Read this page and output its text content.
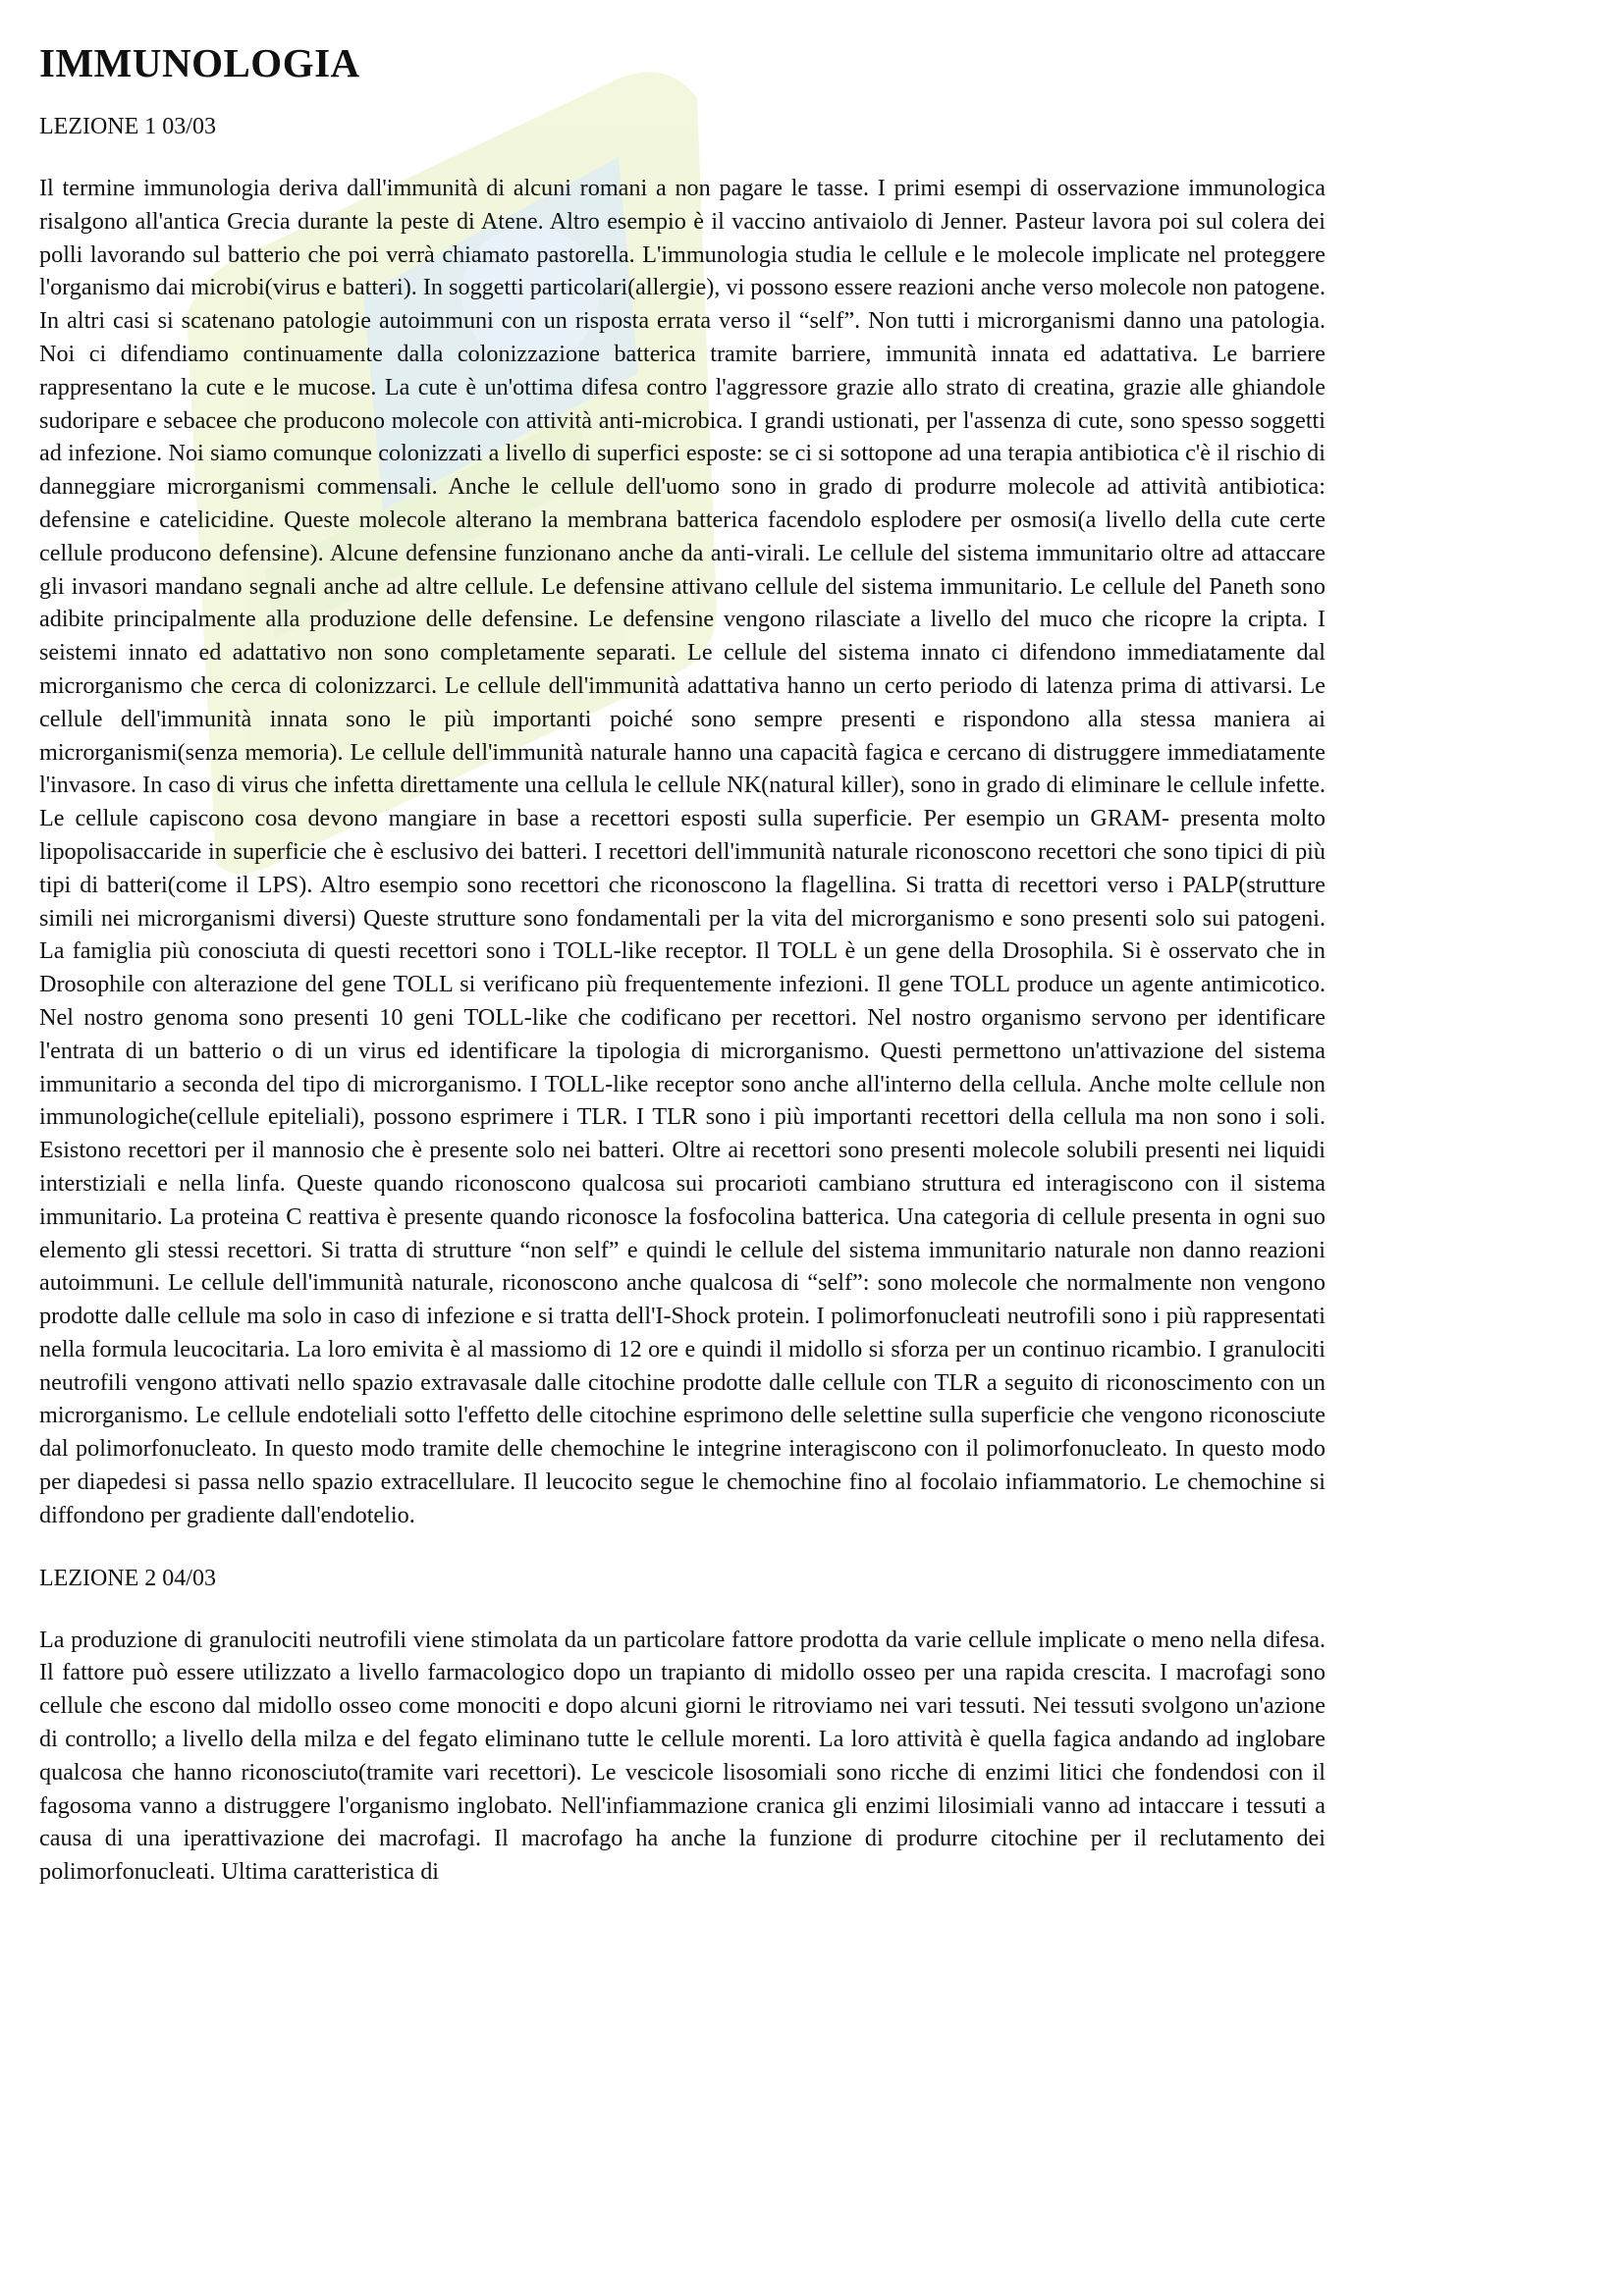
IMMUNOLOGIA

LEZIONE 1 03/03

Il termine immunologia deriva dall'immunità di alcuni romani a non pagare le tasse. I primi esempi di osservazione immunologica risalgono all'antica Grecia durante la peste di Atene. Altro esempio è il vaccino antivaiolo di Jenner. Pasteur lavora poi sul colera dei polli lavorando sul batterio che poi verrà chiamato pastorella. L'immunologia studia le cellule e le molecole implicate nel proteggere l'organismo dai microbi(virus e batteri). In soggetti particolari(allergie), vi possono essere reazioni anche verso molecole non patogene. In altri casi si scatenano patologie autoimmuni con un risposta errata verso il “self”. Non tutti i microrganismi danno una patologia. Noi ci difendiamo continuamente dalla colonizzazione batterica tramite barriere, immunità innata ed adattativa. Le barriere rappresentano la cute e le mucose. La cute è un'ottima difesa contro l'aggressore grazie allo strato di creatina, grazie alle ghiandole sudoripare e sebacee che producono molecole con attività anti-microbica. I grandi ustionati, per l'assenza di cute, sono spesso soggetti ad infezione. Noi siamo comunque colonizzati a livello di superfici esposte: se ci si sottopone ad una terapia antibiotica c'è il rischio di danneggiare microrganismi commensali. Anche le cellule dell'uomo sono in grado di produrre molecole ad attività antibiotica: defensine e catelicidine. Queste molecole alterano la membrana batterica facendolo esplodere per osmosi(a livello della cute certe cellule producono defensine). Alcune defensine funzionano anche da anti-virali. Le cellule del sistema immunitario oltre ad attaccare gli invasori mandano segnali anche ad altre cellule. Le defensine attivano cellule del sistema immunitario. Le cellule del Paneth sono adibite principalmente alla produzione delle defensine. Le defensine vengono rilasciate a livello del muco che ricopre la cripta. I seistemi innato ed adattativo non sono completamente separati. Le cellule del sistema innato ci difendono immediatamente dal microrganismo che cerca di colonizzarci. Le cellule dell'immunità adattativa hanno un certo periodo di latenza prima di attivarsi. Le cellule dell'immunità innata sono le più importanti poiché sono sempre presenti e rispondono alla stessa maniera ai microrganismi(senza memoria). Le cellule dell'immunità naturale hanno una capacità fagica e cercano di distruggere immediatamente l'invasore. In caso di virus che infetta direttamente una cellula le cellule NK(natural killer), sono in grado di eliminare le cellule infette. Le cellule capiscono cosa devono mangiare in base a recettori esposti sulla superficie. Per esempio un GRAM- presenta molto lipopolisaccaride in superficie che è esclusivo dei batteri. I recettori dell'immunità naturale riconoscono recettori che sono tipici di più tipi di batteri(come il LPS). Altro esempio sono recettori che riconoscono la flagellina. Si tratta di recettori verso i PALP(strutture simili nei microrganismi diversi) Queste strutture sono fondamentali per la vita del microrganismo e sono presenti solo sui patogeni. La famiglia più conosciuta di questi recettori sono i TOLL-like receptor. Il TOLL è un gene della Drosophila. Si è osservato che in Drosophile con alterazione del gene TOLL si verificano più frequentemente infezioni. Il gene TOLL produce un agente antimicotico. Nel nostro genoma sono presenti 10 geni TOLL-like che codificano per recettori. Nel nostro organismo servono per identificare l'entrata di un batterio o di un virus ed identificare la tipologia di microrganismo. Questi permettono un'attivazione del sistema immunitario a seconda del tipo di microrganismo. I TOLL-like receptor sono anche all'interno della cellula. Anche molte cellule non immunologiche(cellule epiteliali), possono esprimere i TLR. I TLR sono i più importanti recettori della cellula ma non sono i soli. Esistono recettori per il mannosio che è presente solo nei batteri. Oltre ai recettori sono presenti molecole solubili presenti nei liquidi interstiziali e nella linfa. Queste quando riconoscono qualcosa sui procarioti cambiano struttura ed interagiscono con il sistema immunitario. La proteina C reattiva è presente quando riconosce la fosfocolina batterica. Una categoria di cellule presenta in ogni suo elemento gli stessi recettori. Si tratta di strutture “non self” e quindi le cellule del sistema immunitario naturale non danno reazioni autoimmuni. Le cellule dell'immunità naturale, riconoscono anche qualcosa di “self”: sono molecole che normalmente non vengono prodotte dalle cellule ma solo in caso di infezione e si tratta dell'I-Shock protein. I polimorfonucleati neutrofili sono i più rappresentati nella formula leucocitaria. La loro emivita è al massiomo di 12 ore e quindi il midollo si sforza per un continuo ricambio. I granulociti neutrofili vengono attivati nello spazio extravasale dalle citochine prodotte dalle cellule con TLR a seguito di riconoscimento con un microrganismo. Le cellule endoteliali sotto l'effetto delle citochine esprimono delle selettine sulla superficie che vengono riconosciute dal polimorfonucleato. In questo modo tramite delle chemochine le integrine interagiscono con il polimorfonucleato. In questo modo per diapedesi si passa nello spazio extracellulare. Il leucocito segue le chemochine fino al focolaio infiammatorio. Le chemochine si diffondono per gradiente dall'endotelio.

LEZIONE 2 04/03

La produzione di granulociti neutrofili viene stimolata da un particolare fattore prodotta da varie cellule implicate o meno nella difesa. Il fattore può essere utilizzato a livello farmacologico dopo un trapianto di midollo osseo per una rapida crescita. I macrofagi sono cellule che escono dal midollo osseo come monociti e dopo alcuni giorni le ritroviamo nei vari tessuti. Nei tessuti svolgono un'azione di controllo; a livello della milza e del fegato eliminano tutte le cellule morenti. La loro attività è quella fagica andando ad inglobare qualcosa che hanno riconosciuto(tramite vari recettori). Le vescicole lisosomiali sono ricche di enzimi litici che fondendosi con il fagosoma vanno a distruggere l'organismo inglobato. Nell'infiammazione cranica gli enzimi lilosimiali vanno ad intaccare i tessuti a causa di una iperattivazione dei macrofagi. Il macrofago ha anche la funzione di produrre citochine per il reclutamento dei polimorfonucleati. Ultima caratteristica di
